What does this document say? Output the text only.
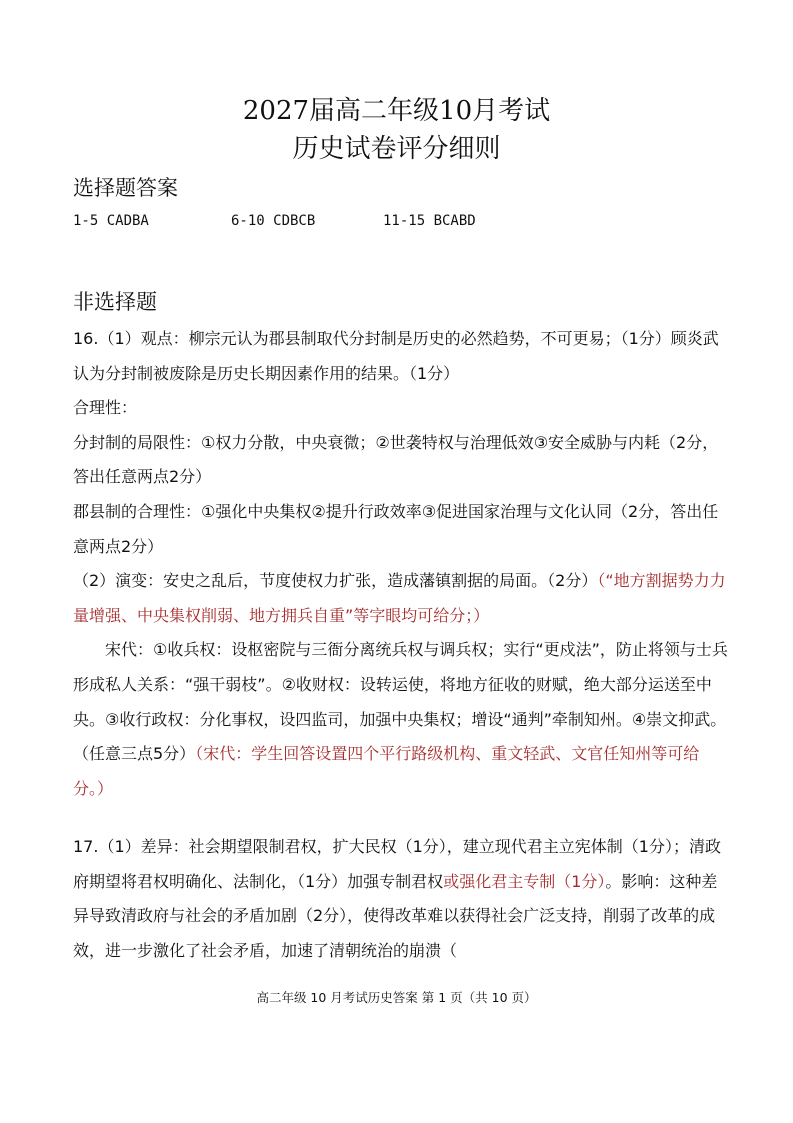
2027届高二年级10月考试
历史试卷评分细则
选择题答案
1-5 CADBA	6-10 CDBCB	11-15 BCABD
非选择题

16.（1）观点：柳宗元认为郡县制取代分封制是历史的必然趋势，不可更易；（1分）顾炎武认为分封制被废除是历史长期因素作用的结果。（1分）

合理性：

分封制的局限性：①权力分散，中央衰微；②世袭特权与治理低效③安全威胁与内耗（2分，答出任意两点2分）

郡县制的合理性：①强化中央集权②提升行政效率③促进国家治理与文化认同（2分，答出任意两点2分）

（2）演变：安史之乱后，节度使权力扩张，造成藩镇割据的局面。（2分）（“地方割据势力力量增强、中央集权削弱、地方拥兵自重”等字眼均可给分；）

宋代：①收兵权：设枢密院与三衙分离统兵权与调兵权；实行“更戍法”，防止将领与士兵形成私人关系：“强干弱枝”。②收财权：设转运使，将地方征收的财赋，绝大部分运送至中央。③收行政权：分化事权，设四监司，加强中央集权；增设“通判”牵制知州。④崇文抑武。（任意三点5分）（宋代：学生回答设置四个平行路级机构、重文轻武、文官任知州等可给分。）

17.（1）差异：社会期望限制君权，扩大民权（1分），建立现代君主立宪体制（1分）；清政府期望将君权明确化、法制化，（1分）加强专制君权或强化君主专制（1分）。影响：这种差异导致清政府与社会的矛盾加剧（2分），使得改革难以获得社会广泛支持，削弱了改革的成效，进一步激化了社会矛盾，加速了清朝统治的崩溃（

高二年级 10 月考试历史答案 第 1 页（共 10 页）
